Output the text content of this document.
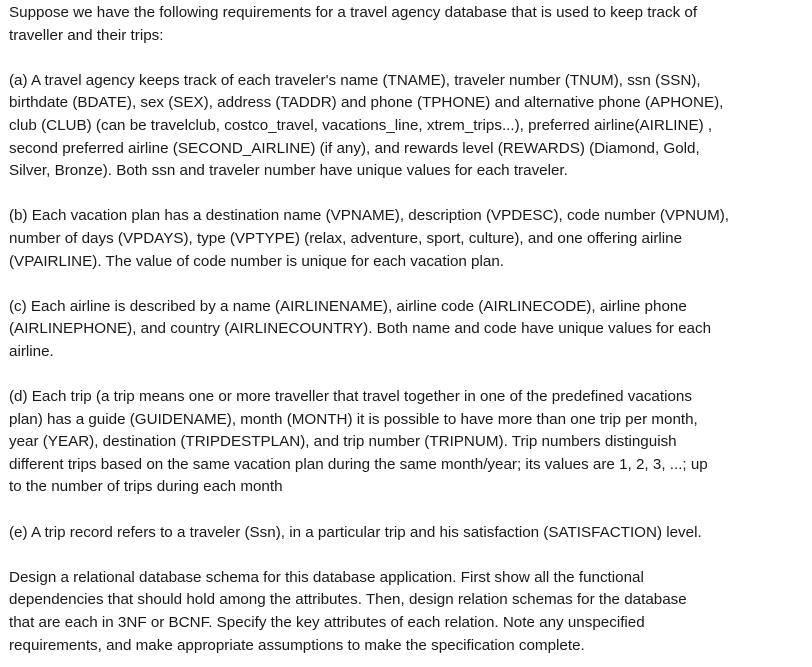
Suppose we have the following requirements for a travel agency database that is used to keep track of
traveller and their trips:

(a) A travel agency keeps track of each traveler's name (TNAME), traveler number (TNUM), ssn (SSN),
birthdate (BDATE), sex (SEX), address (TADDR) and phone (TPHONE) and alternative phone (APHONE),
club (CLUB) (can be travelclub, costco_travel, vacations_line, xtrem_trips...), preferred airline(AIRLINE) ,
second preferred airline (SECOND_AIRLINE) (if any), and rewards level (REWARDS) (Diamond, Gold,
Silver, Bronze). Both ssn and traveler number have unique values for each traveler.

(b) Each vacation plan has a destination name (VPNAME), description (VPDESC), code number (VPNUM),
number of days (VPDAYS), type (VPTYPE) (relax, adventure, sport, culture), and one offering airline
(VPAIRLINE). The value of code number is unique for each vacation plan.

(c) Each airline is described by a name (AIRLINENAME), airline code (AIRLINECODE), airline phone
(AIRLINEPHONE), and country (AIRLINECOUNTRY). Both name and code have unique values for each
airline.

(d) Each trip (a trip means one or more traveller that travel together in one of the predefined vacations
plan) has a guide (GUIDENAME), month (MONTH) it is possible to have more than one trip per month,
year (YEAR), destination (TRIPDESTPLAN), and trip number (TRIPNUM). Trip numbers distinguish
different trips based on the same vacation plan during the same month/year; its values are 1, 2, 3, ...; up
to the number of trips during each month

(e) A trip record refers to a traveler (Ssn), in a particular trip and his satisfaction (SATISFACTION) level.

Design a relational database schema for this database application. First show all the functional
dependencies that should hold among the attributes. Then, design relation schemas for the database
that are each in 3NF or BCNF. Specify the key attributes of each relation. Note any unspecified
requirements, and make appropriate assumptions to make the specification complete.
